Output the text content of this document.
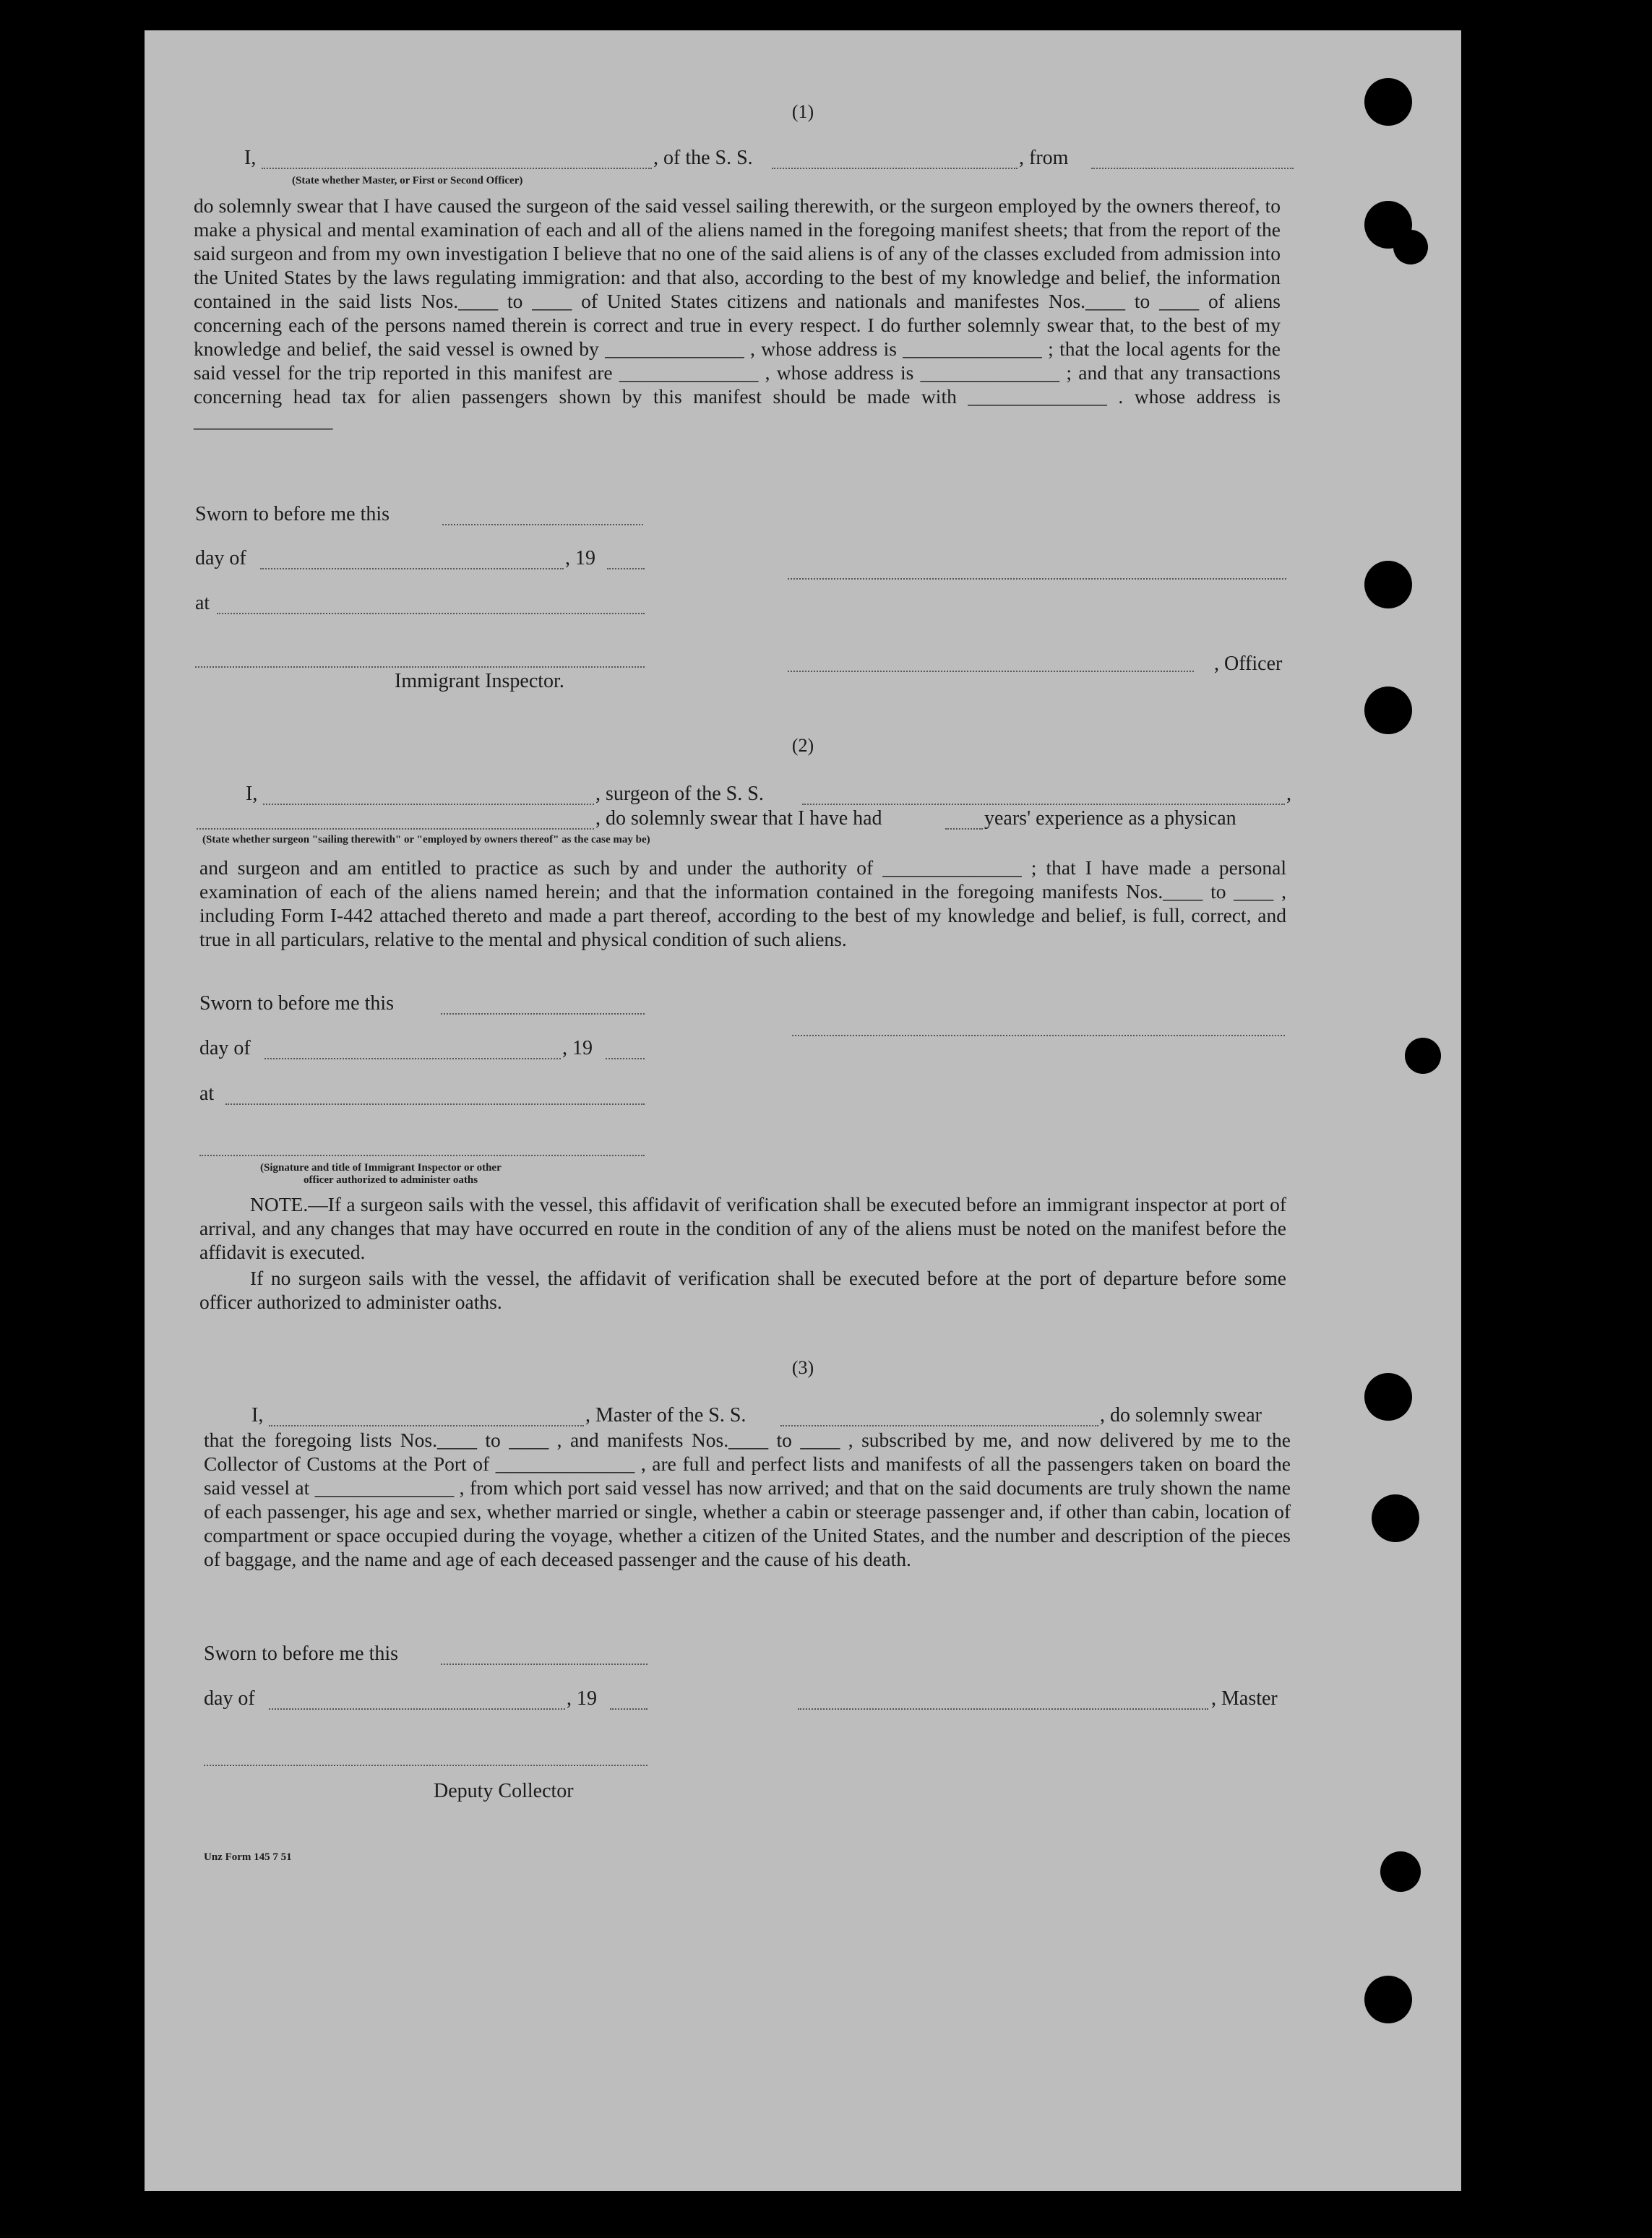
(1)
I,	, of the S. S.	, from
(State whether Master, or First or Second Officer)
do solemnly swear that I have caused the surgeon of the said vessel sailing therewith, or the surgeon employed by the owners thereof, to make a physical and mental examination of each and all of the aliens named in the foregoing manifest sheets; that from the report of the said surgeon and from my own investigation I believe that no one of the said aliens is of any of the classes excluded from admission into the United States by the laws regulating immigration: and that also, according to the best of my knowledge and belief, the information contained in the said lists Nos.____ to ____ of United States citizens and nationals and manifestes Nos.____ to ____ of aliens concerning each of the persons named therein is correct and true in every respect. I do further solemnly swear that, to the best of my knowledge and belief, the said vessel is owned by ______________ , whose address is ______________ ; that the local agents for the said vessel for the trip reported in this manifest are ______________ , whose address is ______________ ; and that any transactions concerning head tax for alien passengers shown by this manifest should be made with ______________ . whose address is ______________
Sworn to before me this
day of	, 19
at
, Officer
Immigrant Inspector.
(2)
I,	, surgeon of the S. S.	,
, do solemnly swear that I have had	years' experience as a physican
(State whether surgeon "sailing therewith" or "employed by owners thereof" as the case may be)
and surgeon and am entitled to practice as such by and under the authority of ______________ ; that I have made a personal examination of each of the aliens named herein; and that the information contained in the foregoing manifests Nos.____ to ____ , including Form I-442 attached thereto and made a part thereof, according to the best of my knowledge and belief, is full, correct, and true in all particulars, relative to the mental and physical condition of such aliens.
Sworn to before me this
day of	, 19
at
(Signature and title of Immigrant Inspector or other
officer authorized to administer oaths
NOTE.—If a surgeon sails with the vessel, this affidavit of verification shall be executed before an immigrant inspector at port of arrival, and any changes that may have occurred en route in the condition of any of the aliens must be noted on the manifest before the affidavit is executed.
If no surgeon sails with the vessel, the affidavit of verification shall be executed before at the port of departure before some officer authorized to administer oaths.
(3)
I,	, Master of the S. S.	, do solemnly swear
that the foregoing lists Nos.____ to ____ , and manifests Nos.____ to ____ , subscribed by me, and now delivered by me to the Collector of Customs at the Port of ______________ , are full and perfect lists and manifests of all the passengers taken on board the said vessel at ______________ , from which port said vessel has now arrived; and that on the said documents are truly shown the name of each passenger, his age and sex, whether married or single, whether a cabin or steerage passenger and, if other than cabin, location of compartment or space occupied during the voyage, whether a citizen of the United States, and the number and description of the pieces of baggage, and the name and age of each deceased passenger and the cause of his death.
Sworn to before me this
day of	, 19	, Master
Deputy Collector
Unz Form 145 7 51
